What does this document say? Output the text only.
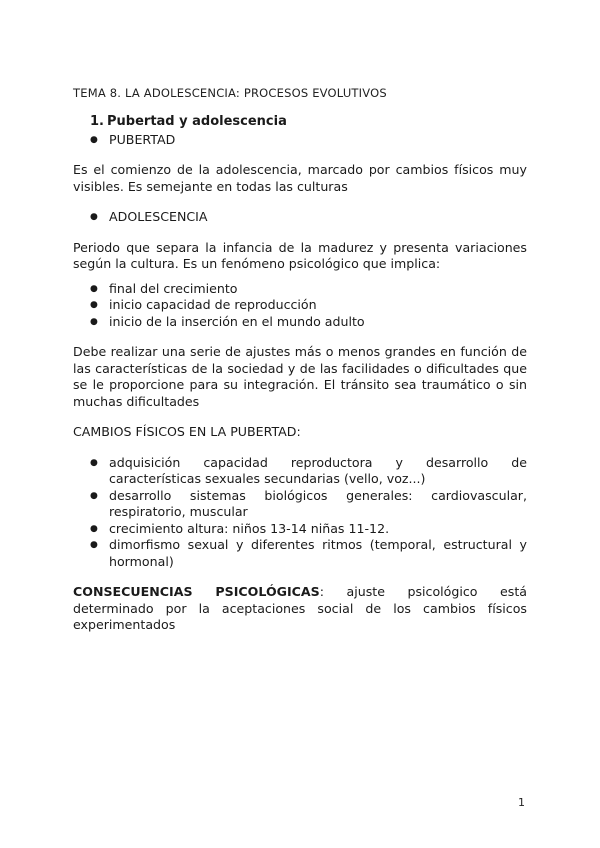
TEMA 8. LA ADOLESCENCIA: PROCESOS EVOLUTIVOS
1. Pubertad y adolescencia
● PUBERTAD

Es el comienzo de la adolescencia, marcado por cambios físicos muy visibles. Es semejante en todas las culturas

● ADOLESCENCIA

Periodo que separa la infancia de la madurez y presenta variaciones según la cultura. Es un fenómeno psicológico que implica:

● final del crecimiento
● inicio capacidad de reproducción
● inicio de la inserción en el mundo adulto

Debe realizar una serie de ajustes más o menos grandes en función de las características de la sociedad y de las facilidades o dificultades que se le proporcione para su integración. El tránsito sea traumático o sin muchas dificultades

CAMBIOS FÍSICOS EN LA PUBERTAD:

● adquisición capacidad reproductora y desarrollo de características sexuales secundarias (vello, voz...)
● desarrollo sistemas biológicos generales: cardiovascular, respiratorio, muscular
● crecimiento altura: niños 13-14 niñas 11-12.
● dimorfismo sexual y diferentes ritmos (temporal, estructural y hormonal)

CONSECUENCIAS PSICOLÓGICAS: ajuste psicológico está determinado por la aceptaciones social de los cambios físicos experimentados

1
